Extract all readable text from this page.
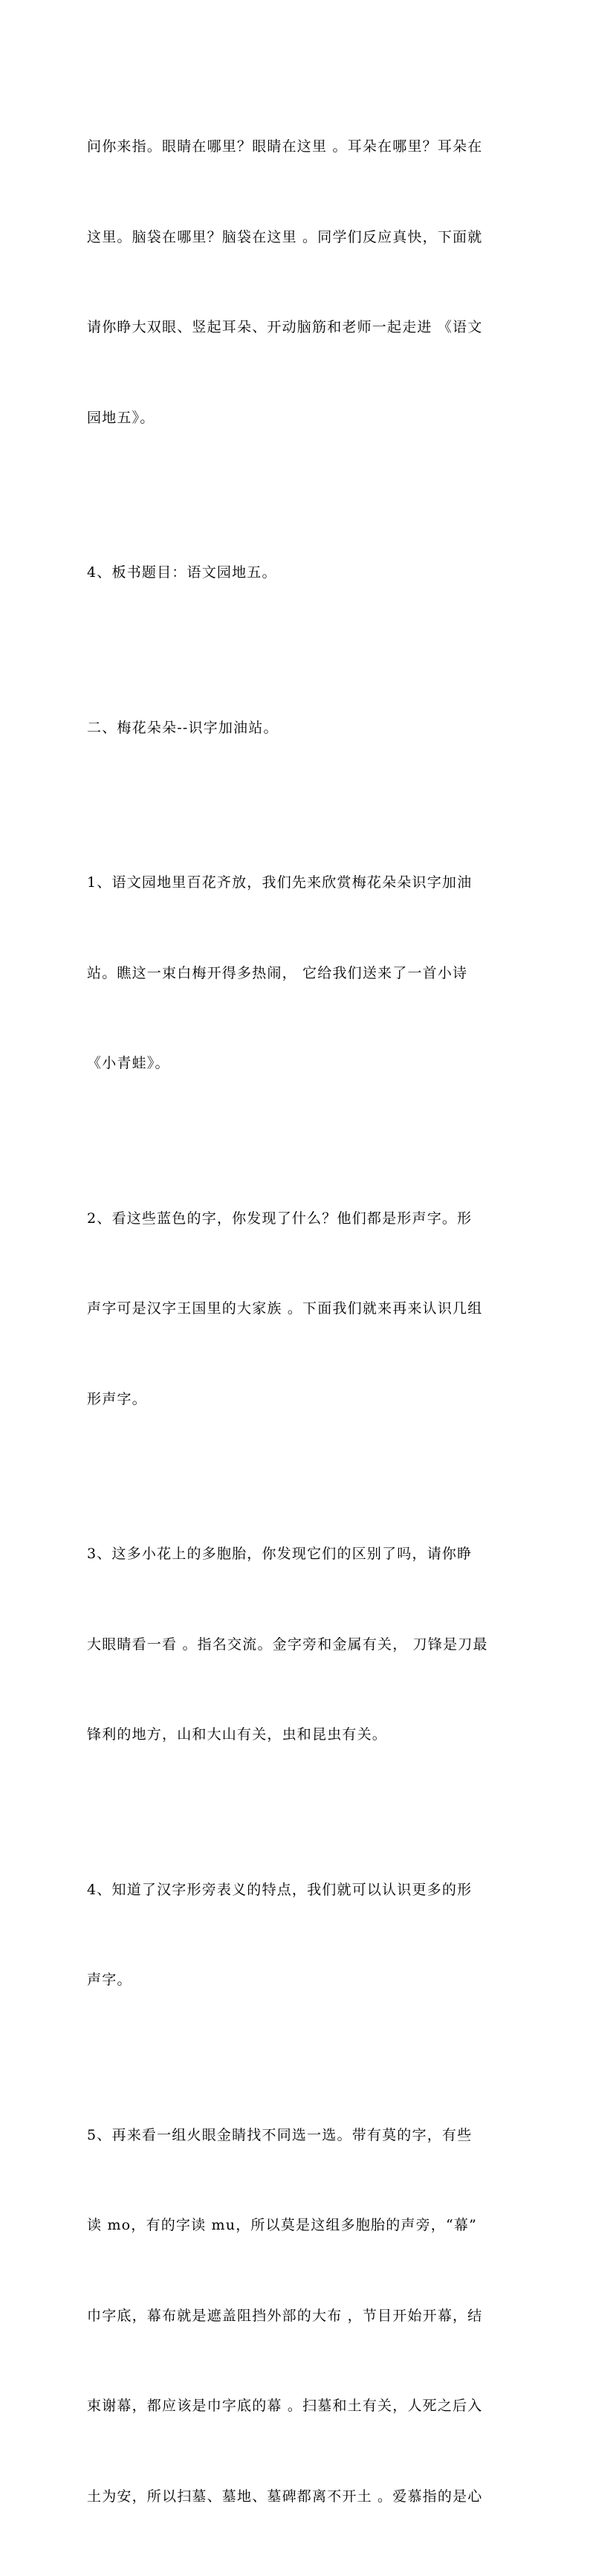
问你来指。眼睛在哪里？眼睛在这里 。耳朵在哪里？耳朵在

这里。脑袋在哪里？脑袋在这里 。同学们反应真快，下面就

请你睁大双眼、竖起耳朵、开动脑筋和老师一起走进 《语文

园地五》。

4、板书题目：语文园地五。

二、梅花朵朵--识字加油站。

1、语文园地里百花齐放，我们先来欣赏梅花朵朵识字加油

站。瞧这一束白梅开得多热闹， 它给我们送来了一首小诗

《小青蛙》。

2、看这些蓝色的字，你发现了什么？他们都是形声字。形

声字可是汉字王国里的大家族 。下面我们就来再来认识几组

形声字。

3、这多小花上的多胞胎，你发现它们的区别了吗，请你睁

大眼睛看一看 。指名交流。金字旁和金属有关， 刀锋是刀最

锋利的地方，山和大山有关，虫和昆虫有关。

4、知道了汉字形旁表义的特点，我们就可以认识更多的形

声字。

5、再来看一组火眼金睛找不同选一选。带有莫的字，有些

读 mo，有的字读 mu，所以莫是这组多胞胎的声旁，“幕”

巾字底，幕布就是遮盖阻挡外部的大布 ，节目开始开幕，结

束谢幕，都应该是巾字底的幕 。扫墓和土有关，人死之后入

土为安，所以扫墓、墓地、墓碑都离不开土 。爱慕指的是心
